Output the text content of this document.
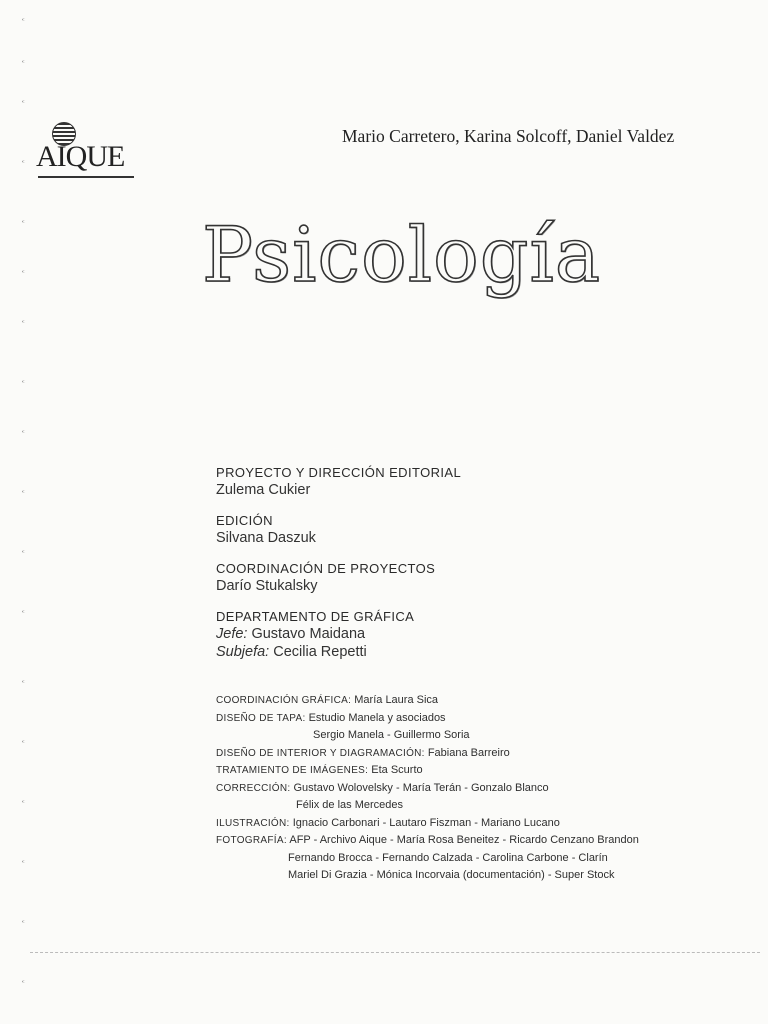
AIQUE
Mario Carretero, Karina Solcoff, Daniel Valdez
Psicología
PROYECTO Y DIRECCIÓN EDITORIAL
Zulema Cukier
EDICIÓN
Silvana Daszuk
COORDINACIÓN DE PROYECTOS
Darío Stukalsky
DEPARTAMENTO DE GRÁFICA
Jefe: Gustavo Maidana
Subjefa: Cecilia Repetti
COORDINACIÓN GRÁFICA: María Laura Sica
DISEÑO DE TAPA: Estudio Manela y asociados
Sergio Manela - Guillermo Soria
DISEÑO DE INTERIOR Y DIAGRAMACIÓN: Fabiana Barreiro
TRATAMIENTO DE IMÁGENES: Eta Scurto
CORRECCIÓN: Gustavo Wolovelsky - María Terán - Gonzalo Blanco
Félix de las Mercedes
ILUSTRACIÓN: Ignacio Carbonari - Lautaro Fiszman - Mariano Lucano
FOTOGRAFÍA: AFP - Archivo Aique - María Rosa Beneitez - Ricardo Cenzano Brandon
Fernando Brocca - Fernando Calzada - Carolina Carbone - Clarín
Mariel Di Grazia - Mónica Incorvaia (documentación) - Super Stock
